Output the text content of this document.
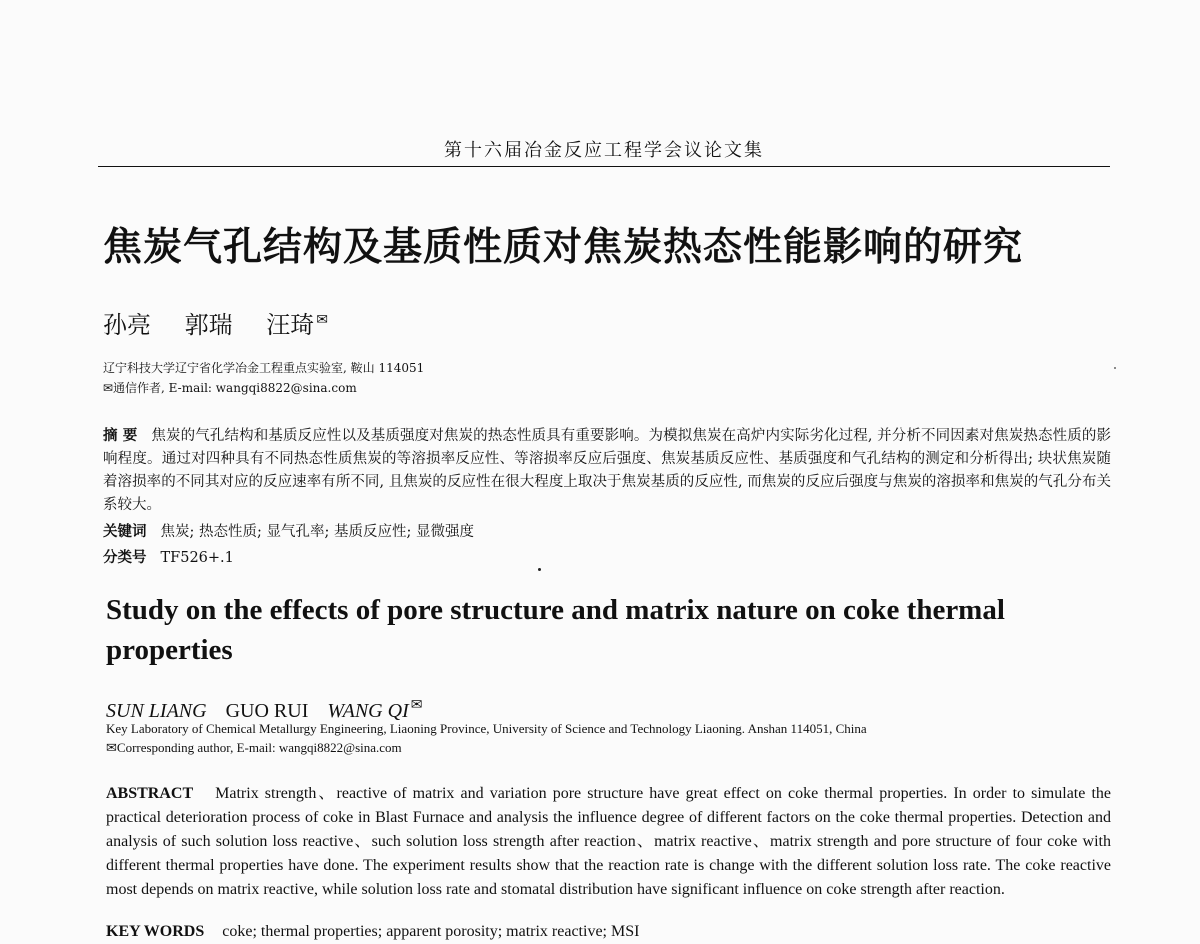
第十六届冶金反应工程学会议论文集
焦炭气孔结构及基质性质对焦炭热态性能影响的研究
孙亮 郭瑞 汪琦 ✉
辽宁科技大学辽宁省化学冶金工程重点实验室, 鞍山 114051
✉通信作者, E-mail: wangqi8822@sina.com
摘 要 焦炭的气孔结构和基质反应性以及基质强度对焦炭的热态性质具有重要影响。为模拟焦炭在高炉内实际劣化过程, 并分析不同因素对焦炭热态性质的影响程度。通过对四种具有不同热态性质焦炭的等溶损率反应性、等溶损率反应后强度、焦炭基质反应性、基质强度和气孔结构的测定和分析得出; 块状焦炭随着溶损率的不同其对应的反应速率有所不同, 且焦炭的反应性在很大程度上取决于焦炭基质的反应性, 而焦炭的反应后强度与焦炭的溶损率和焦炭的气孔分布关系较大。
关键词 焦炭; 热态性质; 显气孔率; 基质反应性; 显微强度
分类号 TF526+.1
Study on the effects of pore structure and matrix nature on coke thermal properties
SUN LIANG GUO RUI WANG QI ✉
Key Laboratory of Chemical Metallurgy Engineering, Liaoning Province, University of Science and Technology Liaoning. Anshan 114051, China
✉Corresponding author, E-mail: wangqi8822@sina.com
ABSTRACT Matrix strength、reactive of matrix and variation pore structure have great effect on coke thermal properties. In order to simulate the practical deterioration process of coke in Blast Furnace and analysis the influence degree of different factors on the coke thermal properties. Detection and analysis of such solution loss reactive、such solution loss strength after reaction、matrix reactive、matrix strength and pore structure of four coke with different thermal properties have done. The experiment results show that the reaction rate is change with the different solution loss rate. The coke reactive most depends on matrix reactive, while solution loss rate and stomatal distribution have significant influence on coke strength after reaction.
KEY WORDS coke; thermal properties; apparent porosity; matrix reactive; MSI
